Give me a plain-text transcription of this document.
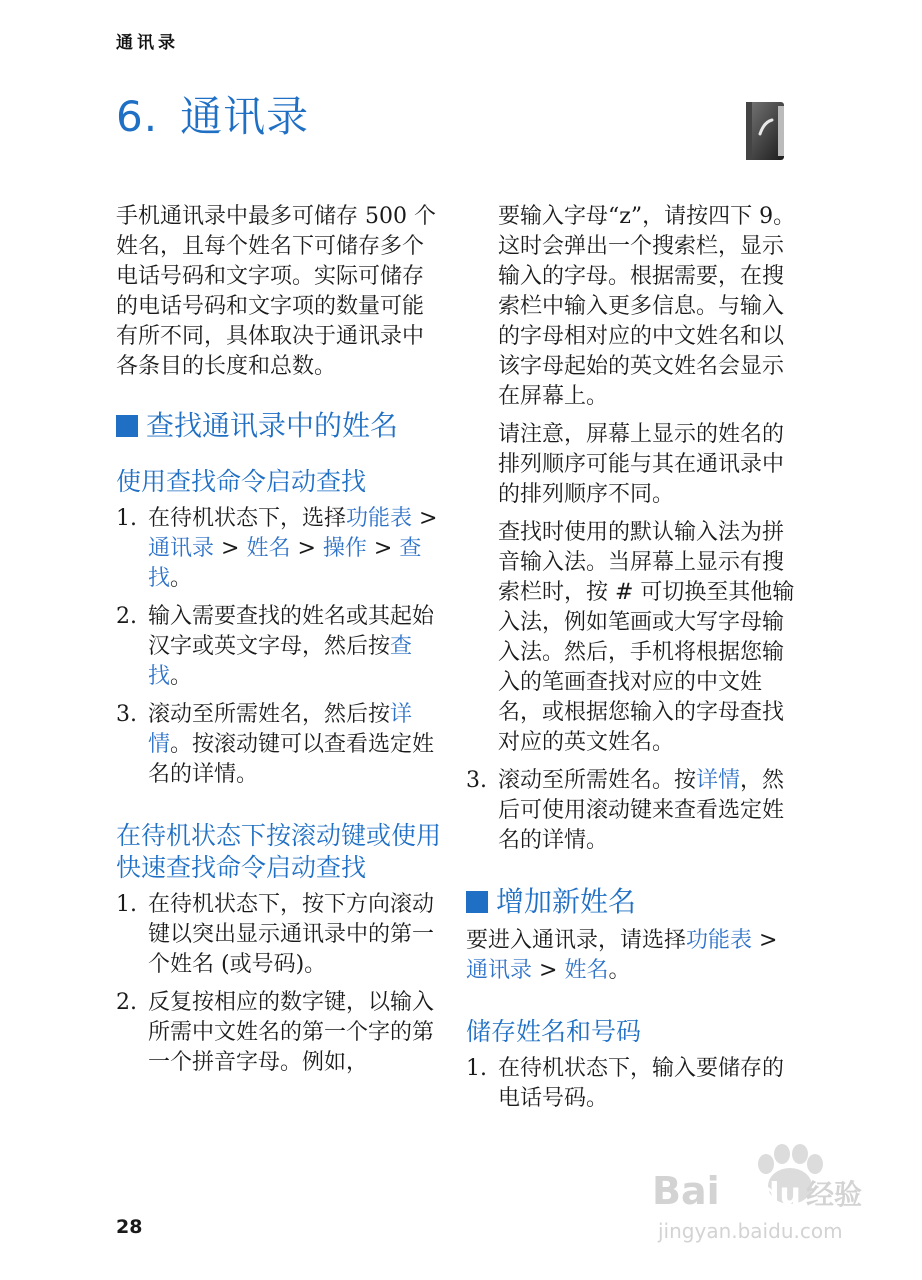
通讯录
6. 通讯录

手机通讯录中最多可储存 500 个姓名，且每个姓名下可储存多个电话号码和文字项。实际可储存的电话号码和文字项的数量可能有所不同，具体取决于通讯录中各条目的长度和总数。

查找通讯录中的姓名
使用查找命令启动查找
1. 在待机状态下，选择功能表 > 通讯录 > 姓名 > 操作 > 查找。
2. 输入需要查找的姓名或其起始汉字或英文字母，然后按查找。
3. 滚动至所需姓名，然后按详情。按滚动键可以查看选定姓名的详情。
在待机状态下按滚动键或使用快速查找命令启动查找
1. 在待机状态下，按下方向滚动键以突出显示通讯录中的第一个姓名 (或号码)。
2. 反复按相应的数字键，以输入所需中文姓名的第一个字的第一个拼音字母。例如，

要输入字母“z”，请按四下 9。这时会弹出一个搜索栏，显示输入的字母。根据需要，在搜索栏中输入更多信息。与输入的字母相对应的中文姓名和以该字母起始的英文姓名会显示在屏幕上。

请注意，屏幕上显示的姓名的排列顺序可能与其在通讯录中的排列顺序不同。

查找时使用的默认输入法为拼音输入法。当屏幕上显示有搜索栏时，按 # 可切换至其他输入法，例如笔画或大写字母输入法。然后，手机将根据您输入的笔画查找对应的中文姓名，或根据您输入的字母查找对应的英文姓名。

3. 滚动至所需姓名。按详情，然后可使用滚动键来查看选定姓名的详情。
增加新姓名

要进入通讯录，请选择功能表 > 通讯录 > 姓名。

储存姓名和号码
1. 在待机状态下，输入要储存的电话号码。
28
Bai du 经验
jingyan.baidu.com
